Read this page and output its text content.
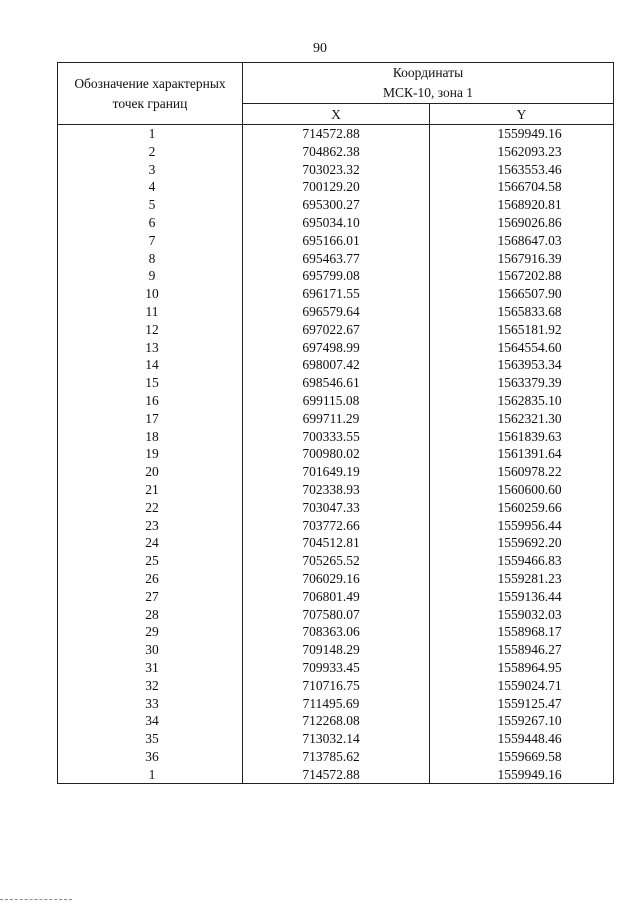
90
Обозначение характерных точек границ	Координаты
МСК-10, зона 1	

	X	Y
1	714572.88	1559949.16
2	704862.38	1562093.23
3	703023.32	1563553.46
4	700129.20	1566704.58
5	695300.27	1568920.81
6	695034.10	1569026.86
7	695166.01	1568647.03
8	695463.77	1567916.39
9	695799.08	1567202.88
10	696171.55	1566507.90
11	696579.64	1565833.68
12	697022.67	1565181.92
13	697498.99	1564554.60
14	698007.42	1563953.34
15	698546.61	1563379.39
16	699115.08	1562835.10
17	699711.29	1562321.30
18	700333.55	1561839.63
19	700980.02	1561391.64
20	701649.19	1560978.22
21	702338.93	1560600.60
22	703047.33	1560259.66
23	703772.66	1559956.44
24	704512.81	1559692.20
25	705265.52	1559466.83
26	706029.16	1559281.23
27	706801.49	1559136.44
28	707580.07	1559032.03
29	708363.06	1558968.17
30	709148.29	1558946.27
31	709933.45	1558964.95
32	710716.75	1559024.71
33	711495.69	1559125.47
34	712268.08	1559267.10
35	713032.14	1559448.46
36	713785.62	1559669.58
1	714572.88	1559949.16
